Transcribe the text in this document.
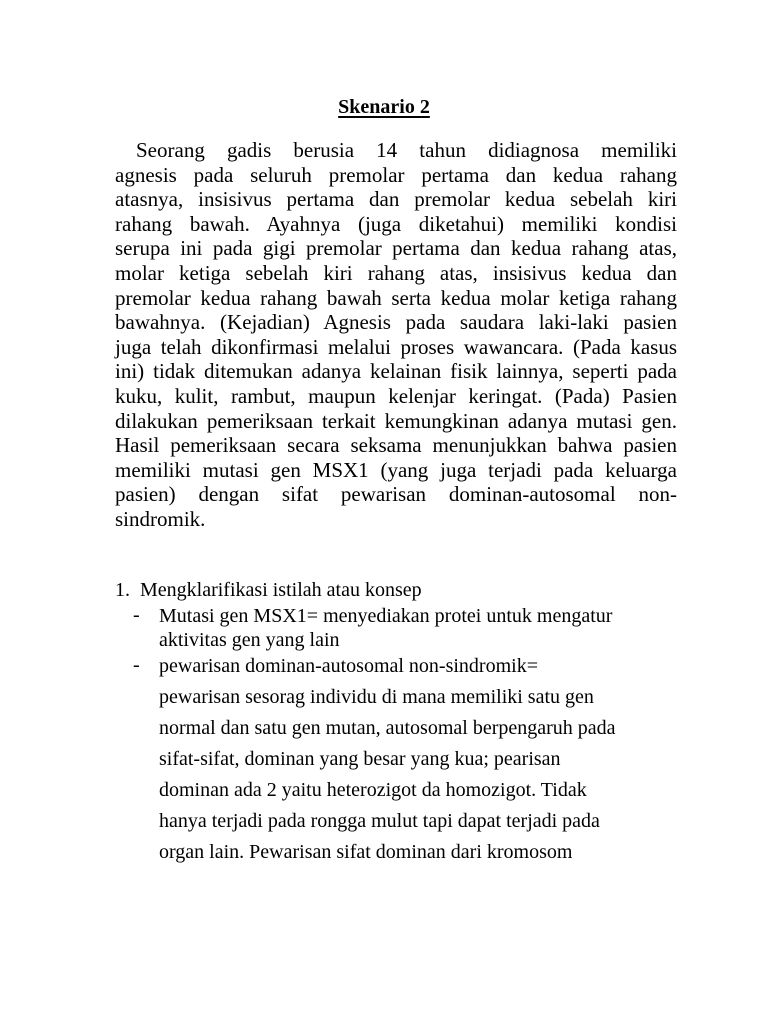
Skenario 2
Seorang gadis berusia 14 tahun didiagnosa memiliki
agnesis pada seluruh premolar pertama dan kedua rahang
atasnya, insisivus pertama dan premolar kedua sebelah kiri
rahang bawah. Ayahnya (juga diketahui) memiliki kondisi
serupa ini pada gigi premolar pertama dan kedua rahang atas,
molar ketiga sebelah kiri rahang atas, insisivus kedua dan
premolar kedua rahang bawah serta kedua molar ketiga rahang
bawahnya. (Kejadian) Agnesis pada saudara laki-laki pasien
juga telah dikonfirmasi melalui proses wawancara. (Pada kasus
ini) tidak ditemukan adanya kelainan fisik lainnya, seperti pada
kuku, kulit, rambut, maupun kelenjar keringat. (Pada) Pasien
dilakukan pemeriksaan terkait kemungkinan adanya mutasi gen.
Hasil pemeriksaan secara seksama menunjukkan bahwa pasien
memiliki mutasi gen MSX1 (yang juga terjadi pada keluarga
pasien) dengan sifat pewarisan dominan-autosomal non-
sindromik.
1. Mengklarifikasi istilah atau konsep
- Mutasi gen MSX1= menyediakan protei untuk mengatur
aktivitas gen yang lain
- pewarisan dominan-autosomal non-sindromik=
pewarisan sesorag individu di mana memiliki satu gen
normal dan satu gen mutan, autosomal berpengaruh pada
sifat-sifat, dominan yang besar yang kua; pearisan
dominan ada 2 yaitu heterozigot da homozigot. Tidak
hanya terjadi pada rongga mulut tapi dapat terjadi pada
organ lain. Pewarisan sifat dominan dari kromosom
